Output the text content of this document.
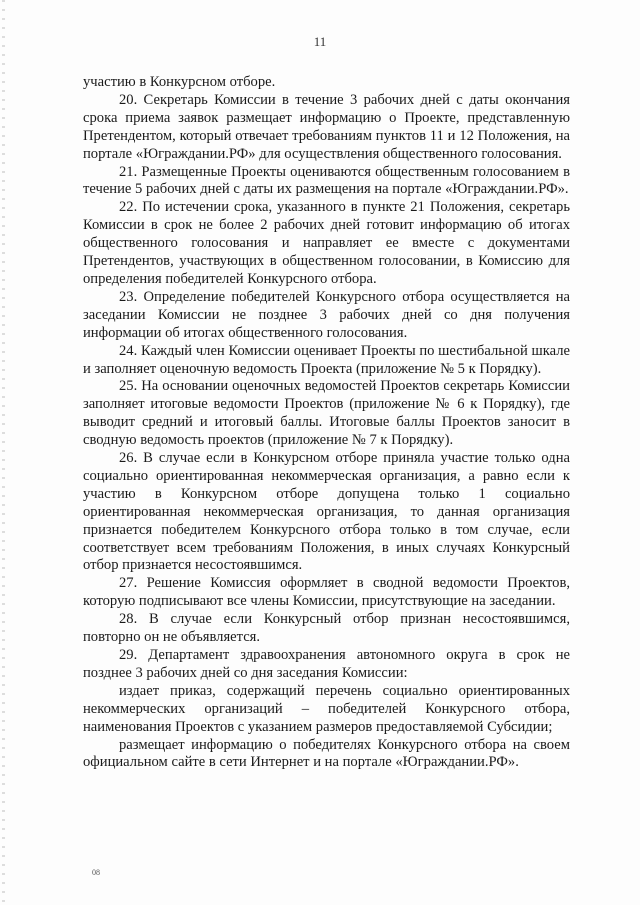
11

участию в Конкурсном отборе.

20. Секретарь Комиссии в течение 3 рабочих дней с даты окончания срока приема заявок размещает информацию о Проекте, представленную Претендентом, который отвечает требованиям пунктов 11 и 12 Положения, на портале «Юграждании.РФ» для осуществления общественного голосования.

21. Размещенные Проекты оцениваются общественным голосованием в течение 5 рабочих дней с даты их размещения на портале «Юграждании.РФ».

22. По истечении срока, указанного в пункте 21 Положения, секретарь Комиссии в срок не более 2 рабочих дней готовит информацию об итогах общественного голосования и направляет ее вместе с документами Претендентов, участвующих в общественном голосовании, в Комиссию для определения победителей Конкурсного отбора.

23. Определение победителей Конкурсного отбора осуществляется на заседании Комиссии не позднее 3 рабочих дней со дня получения информации об итогах общественного голосования.

24. Каждый член Комиссии оценивает Проекты по шестибальной шкале и заполняет оценочную ведомость Проекта (приложение № 5 к Порядку).

25. На основании оценочных ведомостей Проектов секретарь Комиссии заполняет итоговые ведомости Проектов (приложение № 6 к Порядку), где выводит средний и итоговый баллы. Итоговые баллы Проектов заносит в сводную ведомость проектов (приложение № 7 к Порядку).

26. В случае если в Конкурсном отборе приняла участие только одна социально ориентированная некоммерческая организация, а равно если к участию в Конкурсном отборе допущена только 1 социально ориентированная некоммерческая организация, то данная организация признается победителем Конкурсного отбора только в том случае, если соответствует всем требованиям Положения, в иных случаях Конкурсный отбор признается несостоявшимся.

27. Решение Комиссия оформляет в сводной ведомости Проектов, которую подписывают все члены Комиссии, присутствующие на заседании.

28. В случае если Конкурсный отбор признан несостоявшимся, повторно он не объявляется.

29. Департамент здравоохранения автономного округа в срок не позднее 3 рабочих дней со дня заседания Комиссии:

издает приказ, содержащий перечень социально ориентированных некоммерческих организаций – победителей Конкурсного отбора, наименования Проектов с указанием размеров предоставляемой Субсидии;

размещает информацию о победителях Конкурсного отбора на своем официальном сайте в сети Интернет и на портале «Юграждании.РФ».

08
